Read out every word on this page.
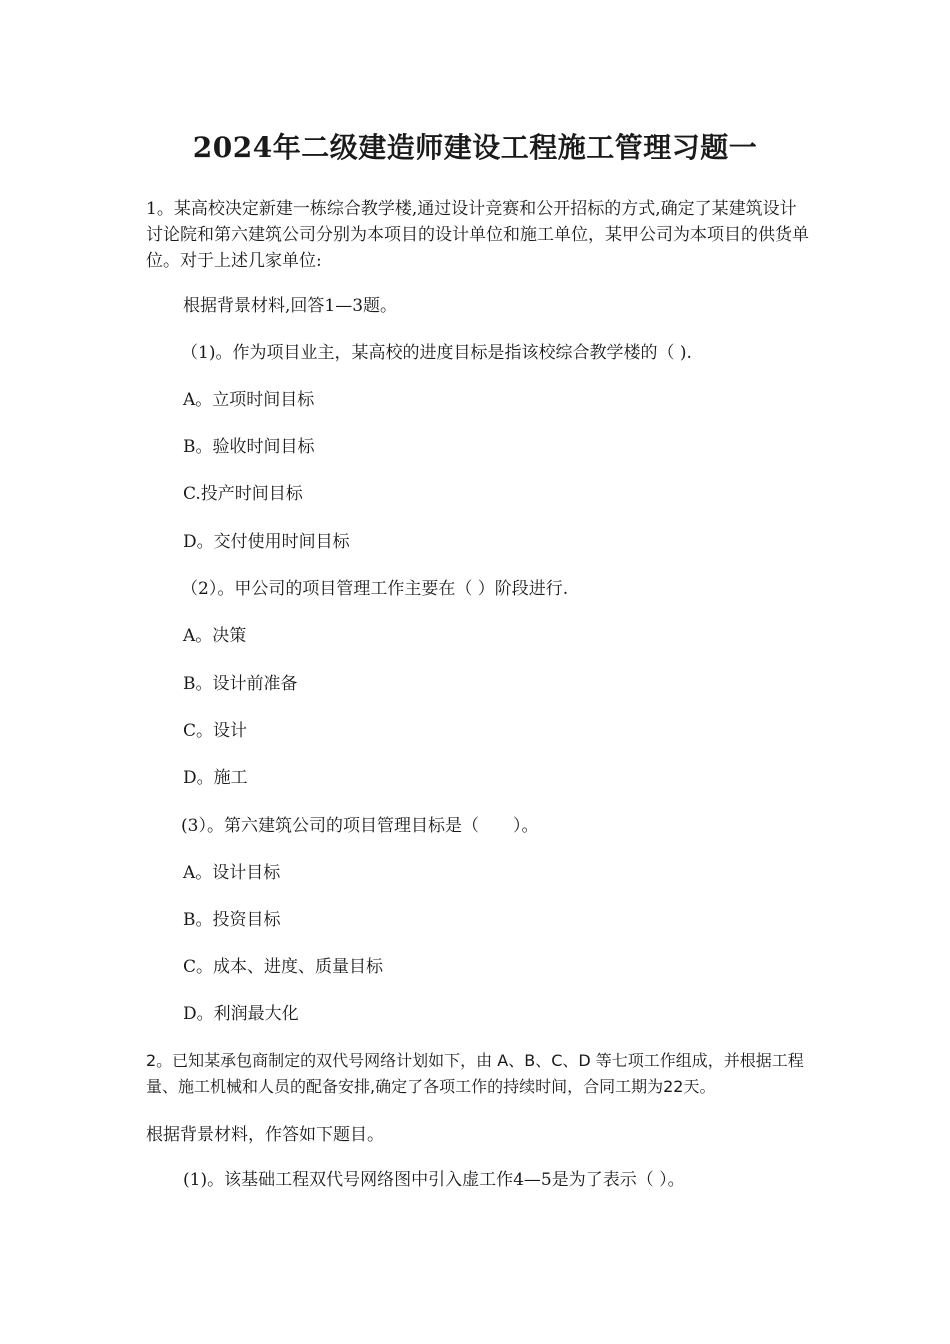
2024年二级建造师建设工程施工管理习题一

1。某高校决定新建一栋综合教学楼,通过设计竞赛和公开招标的方式,确定了某建筑设计讨论院和第六建筑公司分别为本项目的设计单位和施工单位，某甲公司为本项目的供货单位。对于上述几家单位:

根据背景材料,回答1—3题。

（1)。作为项目业主，某高校的进度目标是指该校综合教学楼的（ ).

A。立项时间目标

B。验收时间目标

C.投产时间目标

D。交付使用时间目标

（2）。甲公司的项目管理工作主要在（ ）阶段进行.

A。决策

B。设计前准备

C。设计

D。施工

(3）。第六建筑公司的项目管理目标是（　　）。

A。设计目标

B。投资目标

C。成本、进度、质量目标

D。利润最大化

2。已知某承包商制定的双代号网络计划如下，由 A、B、C、D 等七项工作组成，并根据工程量、施工机械和人员的配备安排,确定了各项工作的持续时间，合同工期为22天。

根据背景材料，作答如下题目。

(1)。该基础工程双代号网络图中引入虚工作4—5是为了表示（ ）。
